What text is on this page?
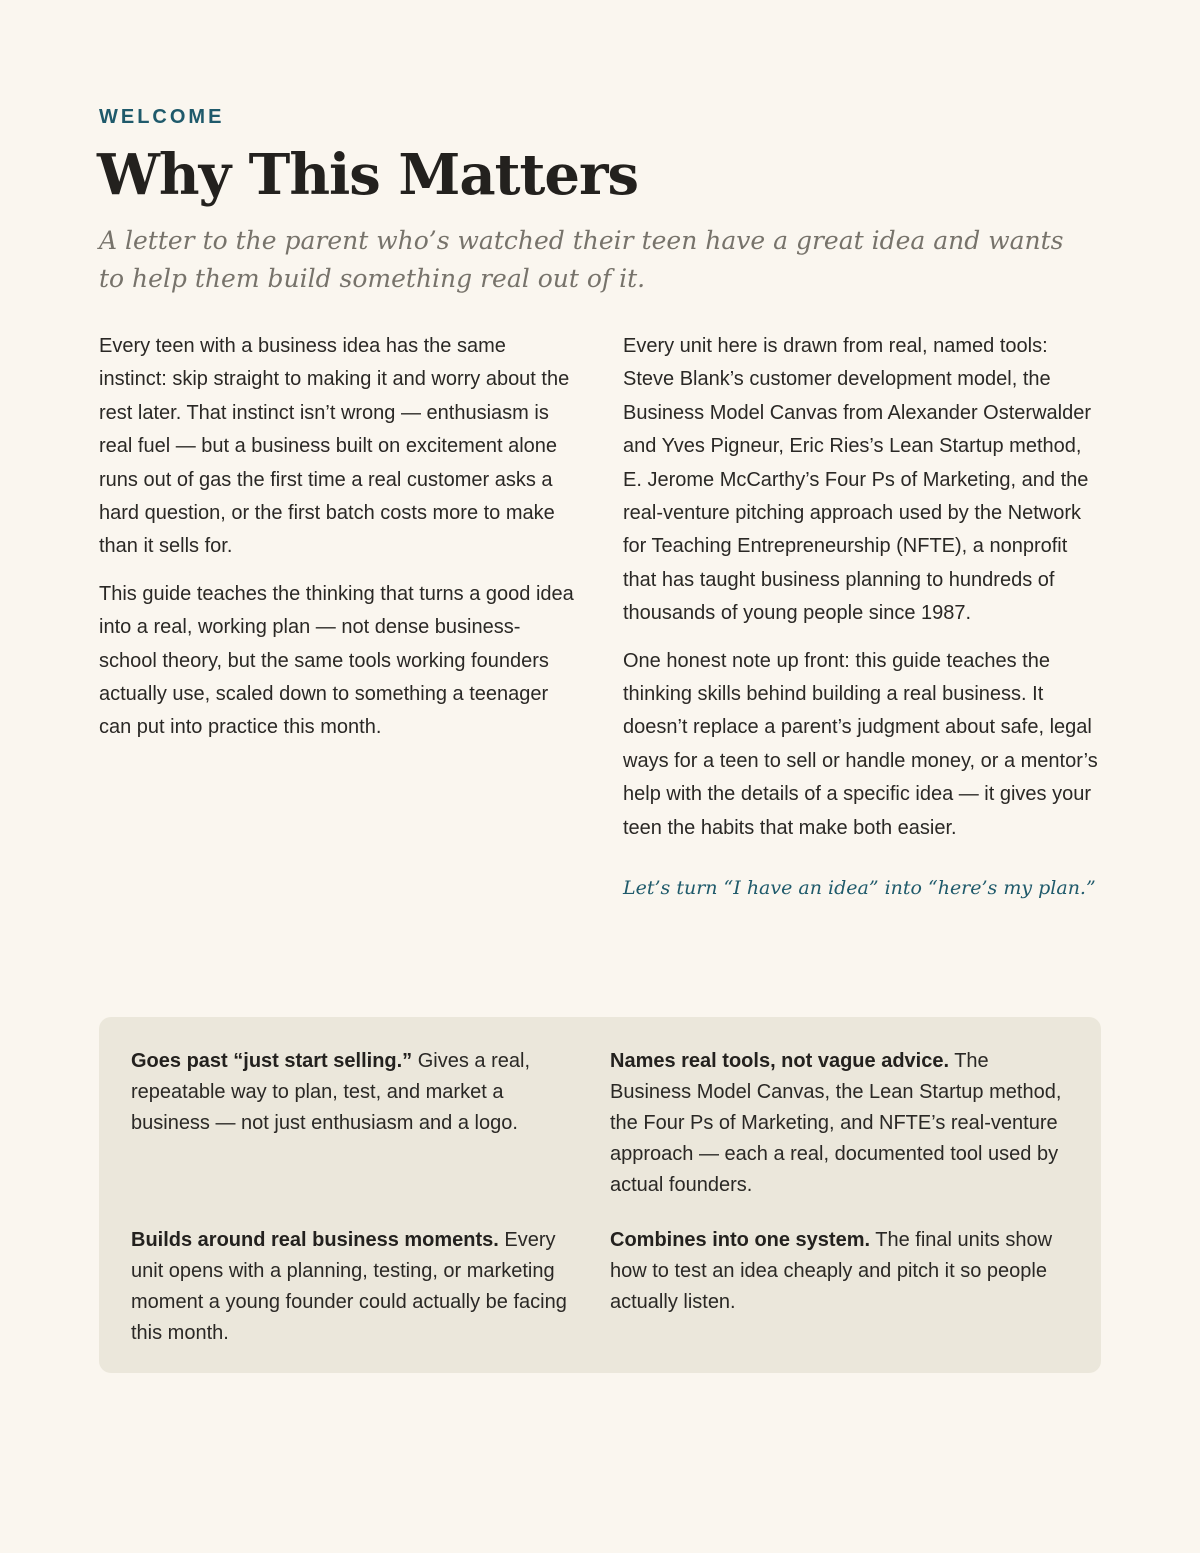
WELCOME
Why This Matters

A letter to the parent who’s watched their teen have a great idea and wants to help them build something real out of it.

Every teen with a business idea has the same instinct: skip straight to making it and worry about the rest later. That instinct isn’t wrong — enthusiasm is real fuel — but a business built on excitement alone runs out of gas the first time a real customer asks a hard question, or the first batch costs more to make than it sells for.

This guide teaches the thinking that turns a good idea into a real, working plan — not dense business-school theory, but the same tools working founders actually use, scaled down to something a teenager can put into practice this month.

Every unit here is drawn from real, named tools: Steve Blank’s customer development model, the Business Model Canvas from Alexander Osterwalder and Yves Pigneur, Eric Ries’s Lean Startup method, E. Jerome McCarthy’s Four Ps of Marketing, and the real-venture pitching approach used by the Network for Teaching Entrepreneurship (NFTE), a nonprofit that has taught business planning to hundreds of thousands of young people since 1987.

One honest note up front: this guide teaches the thinking skills behind building a real business. It doesn’t replace a parent’s judgment about safe, legal ways for a teen to sell or handle money, or a mentor’s help with the details of a specific idea — it gives your teen the habits that make both easier.

Let’s turn “I have an idea” into “here’s my plan.”

Goes past “just start selling.” Gives a real, repeatable way to plan, test, and market a business — not just enthusiasm and a logo.

Names real tools, not vague advice. The Business Model Canvas, the Lean Startup method, the Four Ps of Marketing, and NFTE’s real-venture approach — each a real, documented tool used by actual founders.

Builds around real business moments. Every unit opens with a planning, testing, or marketing moment a young founder could actually be facing this month.

Combines into one system. The final units show how to test an idea cheaply and pitch it so people actually listen.
